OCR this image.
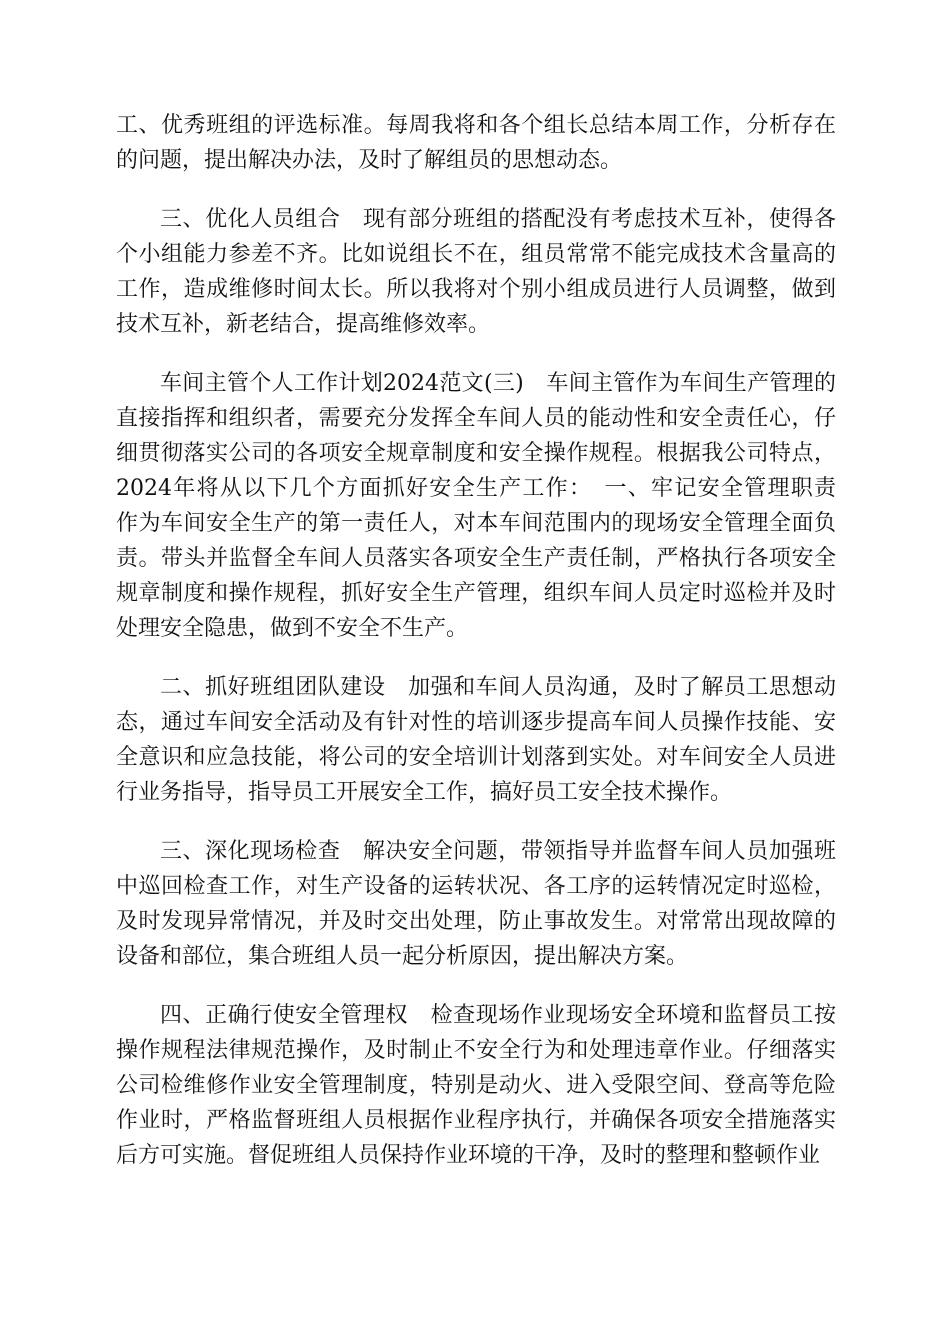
工、优秀班组的评选标准。每周我将和各个组长总结本周工作，分析存在的问题，提出解决办法，及时了解组员的思想动态。

三、优化人员组合　现有部分班组的搭配没有考虑技术互补，使得各个小组能力参差不齐。比如说组长不在，组员常常不能完成技术含量高的工作，造成维修时间太长。所以我将对个别小组成员进行人员调整，做到技术互补，新老结合，提高维修效率。

车间主管个人工作计划2024范文(三)　车间主管作为车间生产管理的直接指挥和组织者，需要充分发挥全车间人员的能动性和安全责任心，仔细贯彻落实公司的各项安全规章制度和安全操作规程。根据我公司特点，2024年将从以下几个方面抓好安全生产工作：　一、牢记安全管理职责　作为车间安全生产的第一责任人，对本车间范围内的现场安全管理全面负责。带头并监督全车间人员落实各项安全生产责任制，严格执行各项安全规章制度和操作规程，抓好安全生产管理，组织车间人员定时巡检并及时处理安全隐患，做到不安全不生产。

二、抓好班组团队建设　加强和车间人员沟通，及时了解员工思想动态，通过车间安全活动及有针对性的培训逐步提高车间人员操作技能、安全意识和应急技能，将公司的安全培训计划落到实处。对车间安全人员进行业务指导，指导员工开展安全工作，搞好员工安全技术操作。

三、深化现场检查　解决安全问题，带领指导并监督车间人员加强班中巡回检查工作，对生产设备的运转状况、各工序的运转情况定时巡检，及时发现异常情况，并及时交出处理，防止事故发生。对常常出现故障的设备和部位，集合班组人员一起分析原因，提出解决方案。

四、正确行使安全管理权　检查现场作业现场安全环境和监督员工按操作规程法律规范操作，及时制止不安全行为和处理违章作业。仔细落实公司检维修作业安全管理制度，特别是动火、进入受限空间、登高等危险作业时，严格监督班组人员根据作业程序执行，并确保各项安全措施落实后方可实施。督促班组人员保持作业环境的干净，及时的整理和整顿作业
